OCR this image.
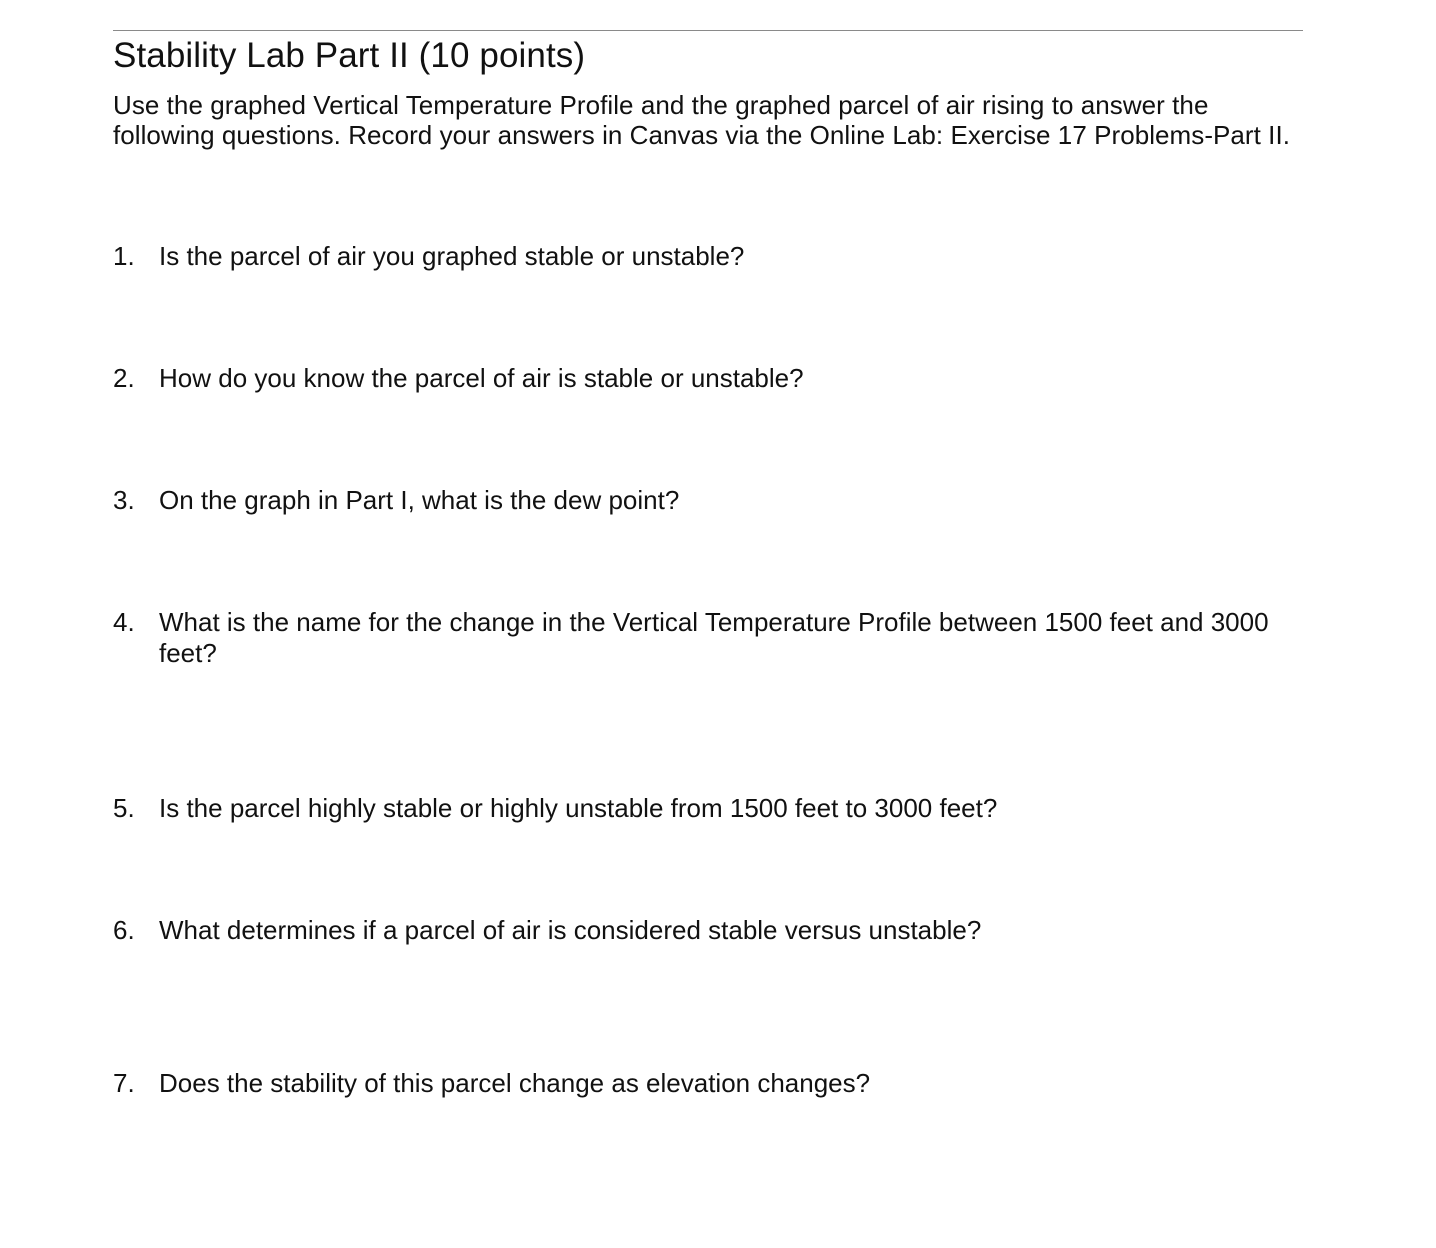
Stability Lab Part II (10 points)

Use the graphed Vertical Temperature Profile and the graphed parcel of air rising to answer the following questions. Record your answers in Canvas via the Online Lab: Exercise 17 Problems-Part II.

1. Is the parcel of air you graphed stable or unstable?
2. How do you know the parcel of air is stable or unstable?
3. On the graph in Part I, what is the dew point?
4. What is the name for the change in the Vertical Temperature Profile between 1500 feet and 3000 feet?
5. Is the parcel highly stable or highly unstable from 1500 feet to 3000 feet?
6. What determines if a parcel of air is considered stable versus unstable?
7. Does the stability of this parcel change as elevation changes?
